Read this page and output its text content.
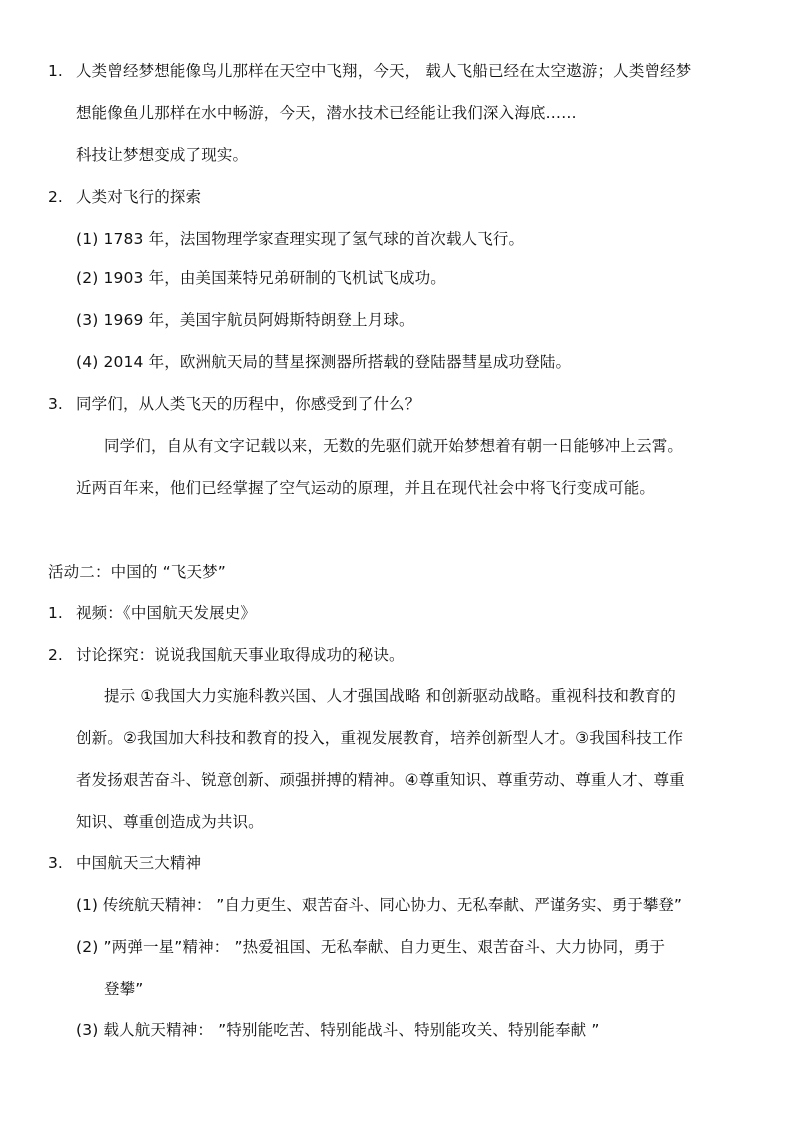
1. 人类曾经梦想能像鸟儿那样在天空中飞翔，今天， 载人飞船已经在太空遨游；人类曾经梦
想能像鱼儿那样在水中畅游，今天，潜水技术已经能让我们深入海底……
科技让梦想变成了现实。
2. 人类对飞行的探索
(1) 1783 年，法国物理学家查理实现了氢气球的首次载人飞行。
(2) 1903 年，由美国莱特兄弟研制的飞机试飞成功。
(3) 1969 年，美国宇航员阿姆斯特朗登上月球。
(4) 2014 年，欧洲航天局的彗星探测器所搭载的登陆器彗星成功登陆。
3. 同学们，从人类飞天的历程中，你感受到了什么？
同学们，自从有文字记载以来，无数的先驱们就开始梦想着有朝一日能够冲上云霄。
近两百年来，他们已经掌握了空气运动的原理，并且在现代社会中将飞行变成可能。
活动二：中国的 “飞天梦”
1. 视频：《中国航天发展史》
2. 讨论探究：说说我国航天事业取得成功的秘诀。
提示 ①我国大力实施科教兴国、人才强国战略 和创新驱动战略。重视科技和教育的
创新。②我国加大科技和教育的投入，重视发展教育，培养创新型人才。③我国科技工作
者发扬艰苦奋斗、锐意创新、顽强拼搏的精神。④尊重知识、尊重劳动、尊重人才、尊重
知识、尊重创造成为共识。
3. 中国航天三大精神
(1) 传统航天精神： ”自力更生、艰苦奋斗、同心协力、无私奉献、严谨务实、勇于攀登”
(2) ”两弹一星”精神： ”热爱祖国、无私奉献、自力更生、艰苦奋斗、大力协同，勇于
登攀”
(3) 载人航天精神： ”特别能吃苦、特别能战斗、特别能攻关、特别能奉献 ”
